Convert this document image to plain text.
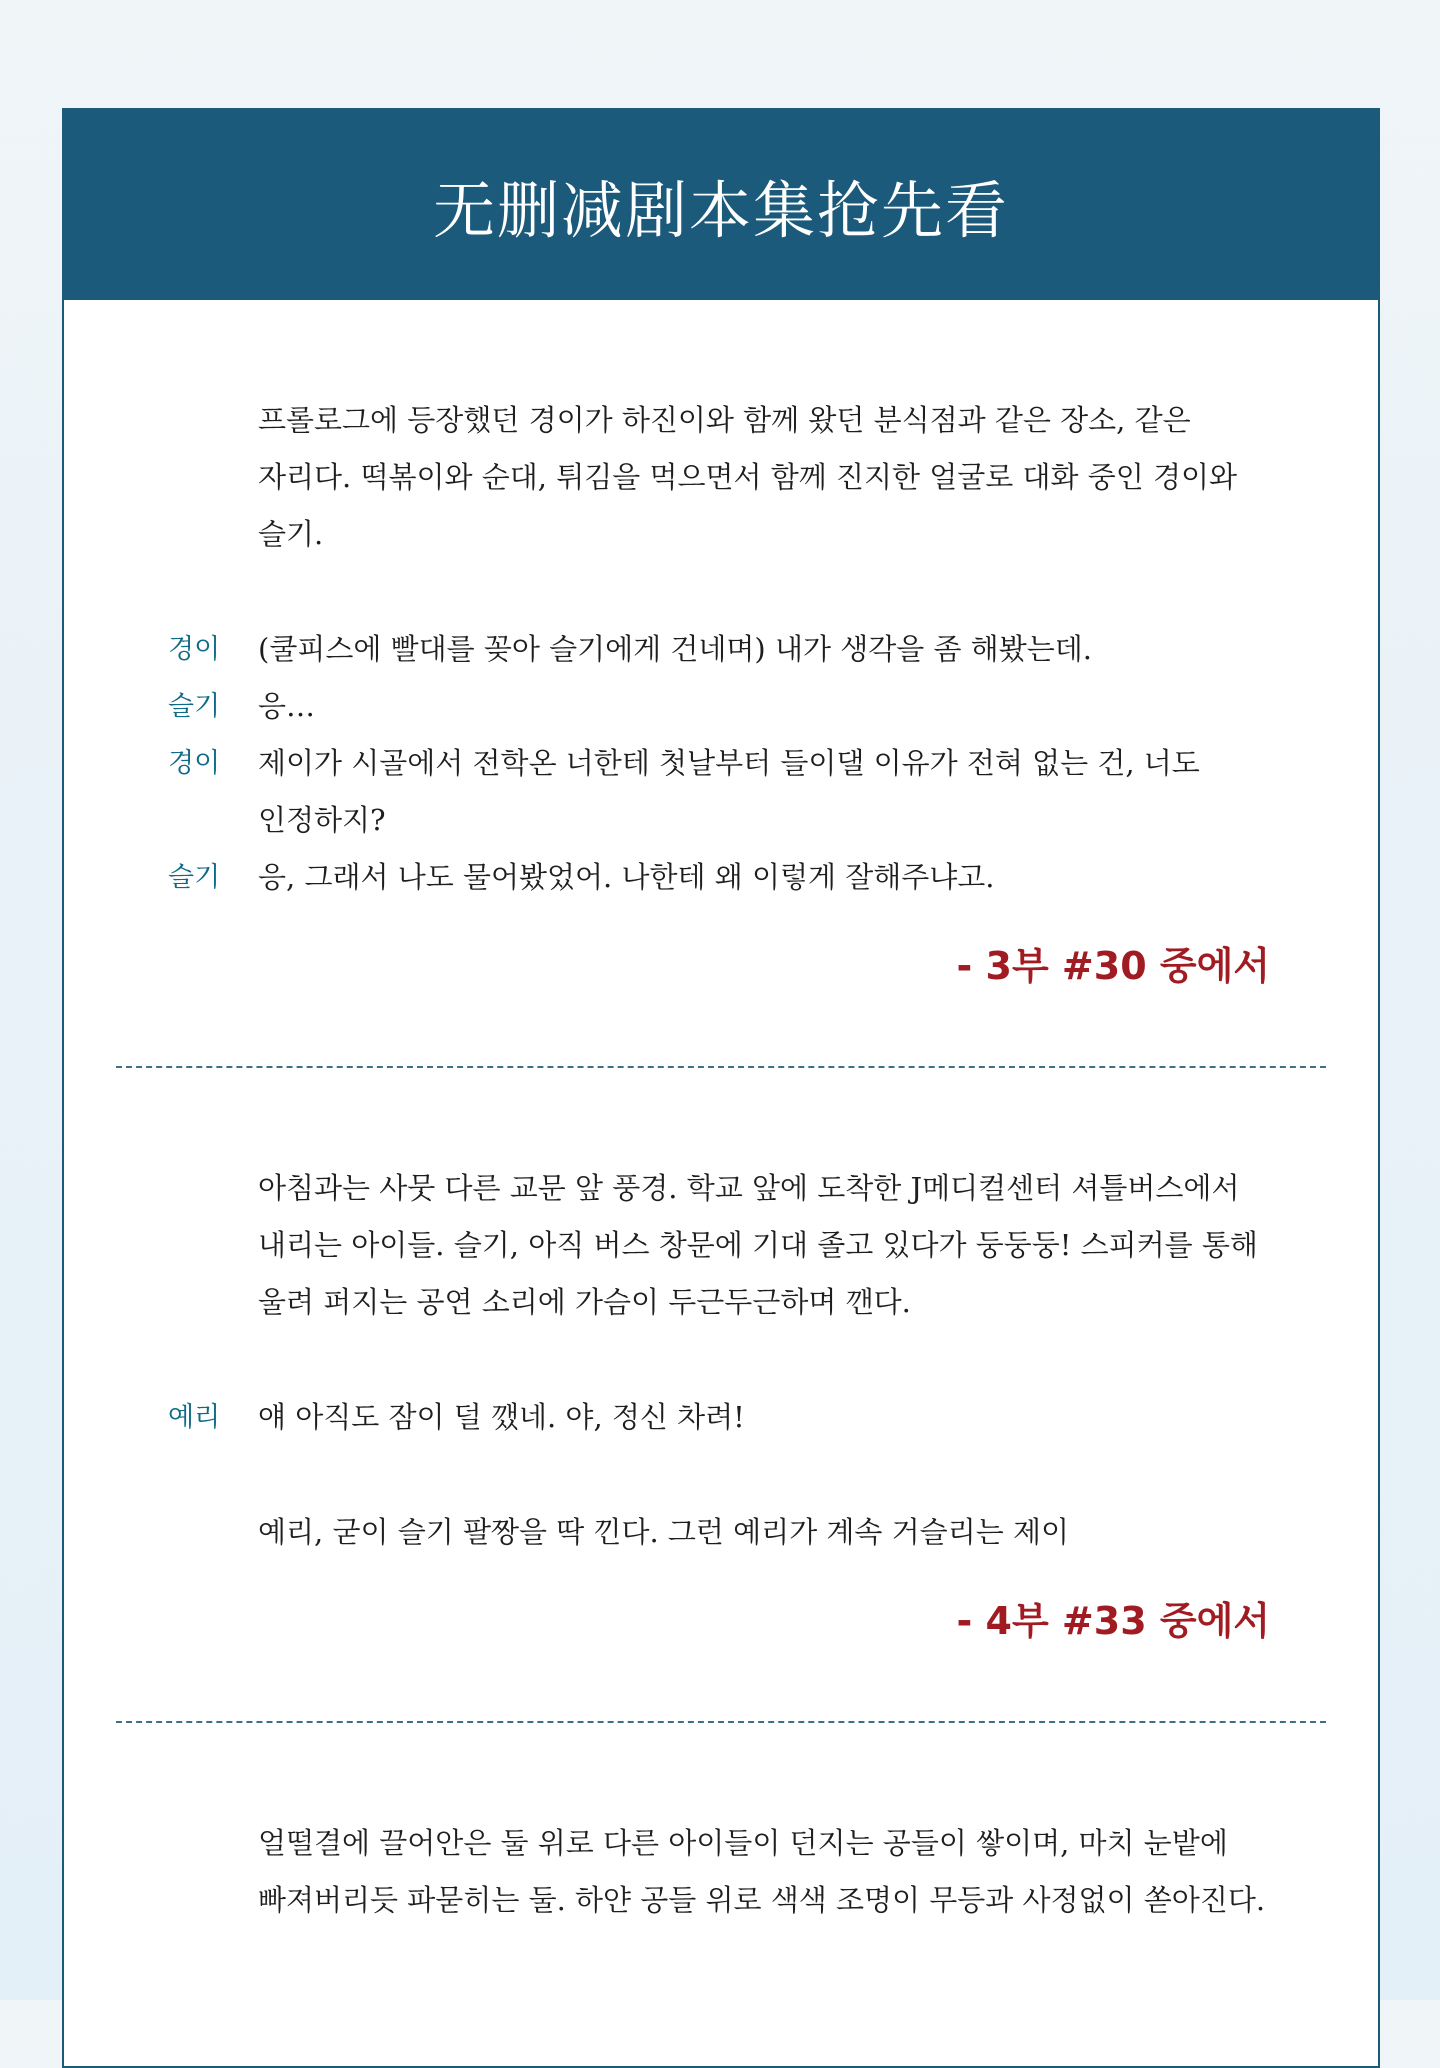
无删减剧本集抢先看

프롤로그에 등장했던 경이가 하진이와 함께 왔던 분식점과 같은 장소, 같은 자리다. 떡볶이와 순대, 튀김을 먹으면서 함께 진지한 얼굴로 대화 중인 경이와 슬기.

경이	(쿨피스에 빨대를 꽂아 슬기에게 건네며) 내가 생각을 좀 해봤는데.
슬기	응…
경이	제이가 시골에서 전학온 너한테 첫날부터 들이댈 이유가 전혀 없는 건, 너도 인정하지?
슬기	응, 그래서 나도 물어봤었어. 나한테 왜 이렇게 잘해주냐고.
- 3부 #30 중에서

아침과는 사뭇 다른 교문 앞 풍경. 학교 앞에 도착한 J메디컬센터 셔틀버스에서 내리는 아이들. 슬기, 아직 버스 창문에 기대 졸고 있다가 둥둥둥! 스피커를 통해 울려 퍼지는 공연 소리에 가슴이 두근두근하며 깬다.

예리	얘 아직도 잠이 덜 깼네. 야, 정신 차려!

예리, 굳이 슬기 팔짱을 딱 낀다. 그런 예리가 계속 거슬리는 제이

- 4부 #33 중에서

얼떨결에 끌어안은 둘 위로 다른 아이들이 던지는 공들이 쌓이며, 마치 눈밭에 빠져버리듯 파묻히는 둘. 하얀 공들 위로 색색 조명이 무등과 사정없이 쏟아진다.
